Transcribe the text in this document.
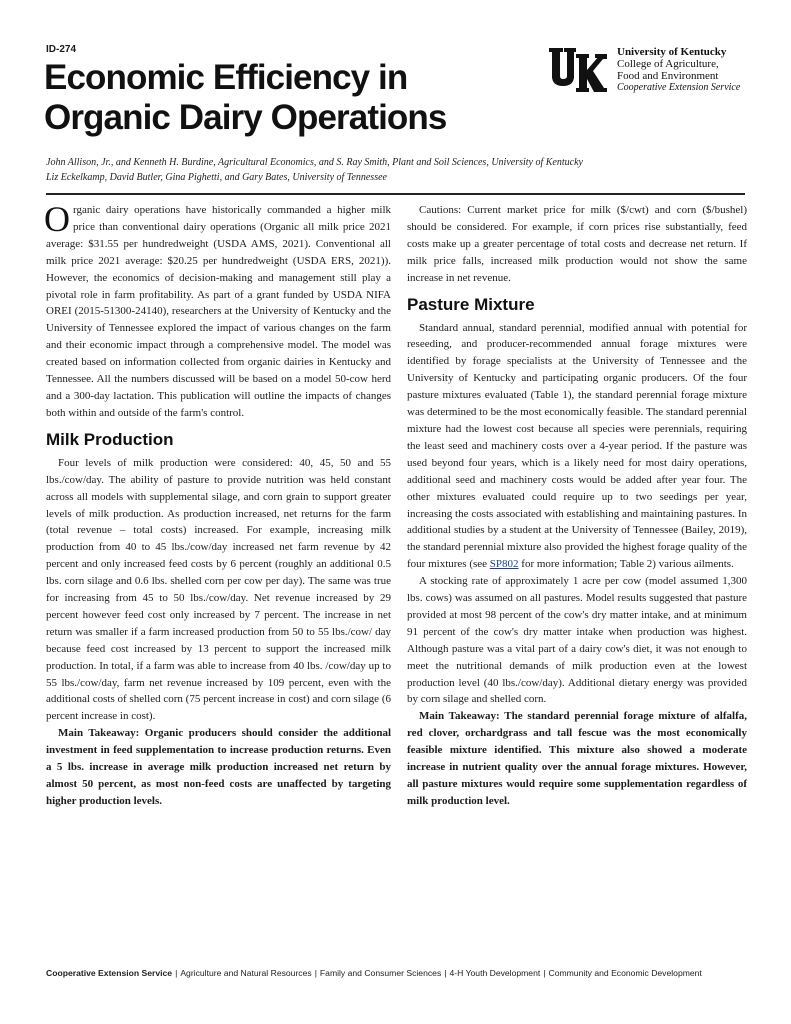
ID-274
Economic Efficiency in
Organic Dairy Operations
University of Kentucky
College of Agriculture,
Food and Environment
Cooperative Extension Service
John Allison, Jr., and Kenneth H. Burdine, Agricultural Economics, and S. Ray Smith, Plant and Soil Sciences, University of Kentucky
Liz Eckelkamp, David Butler, Gina Pighetti, and Gary Bates, University of Tennessee

Organic dairy operations have historically commanded a higher milk price than conventional dairy operations (Organic all milk price 2021 average: $31.55 per hundredweight (USDA AMS, 2021). Conventional all milk price 2021 average: $20.25 per hundredweight (USDA ERS, 2021)). However, the economics of decision-making and management still play a pivotal role in farm profitability. As part of a grant funded by USDA NIFA OREI (2015-51300-24140), researchers at the University of Kentucky and the University of Tennessee explored the impact of various changes on the farm and their economic impact through a comprehensive model. The model was created based on information collected from organic dairies in Kentucky and Tennessee. All the numbers discussed will be based on a model 50-cow herd and a 300-day lactation. This publication will outline the impacts of changes both within and outside of the farm's control.

Milk Production

Four levels of milk production were considered: 40, 45, 50 and 55 lbs./cow/day. The ability of pasture to provide nutrition was held constant across all models with supplemental silage, and corn grain to support greater levels of milk production. As production increased, net returns for the farm (total revenue – total costs) increased. For example, increasing milk production from 40 to 45 lbs./cow/day increased net farm revenue by 42 percent and only increased feed costs by 6 percent (roughly an additional 0.5 lbs. corn silage and 0.6 lbs. shelled corn per cow per day). The same was true for increasing from 45 to 50 lbs./cow/day. Net revenue increased by 29 percent however feed cost only increased by 7 percent. The increase in net return was smaller if a farm increased production from 50 to 55 lbs./cow/ day because feed cost increased by 13 percent to support the increased milk production. In total, if a farm was able to increase from 40 lbs. /cow/day up to 55 lbs./cow/day, farm net revenue increased by 109 percent, even with the additional costs of shelled corn (75 percent increase in cost) and corn silage (6 percent increase in cost).

Main Takeaway: Organic producers should consider the additional investment in feed supplementation to increase production returns. Even a 5 lbs. increase in average milk production increased net return by almost 50 percent, as most non-feed costs are unaffected by targeting higher production levels.

Cautions: Current market price for milk ($/cwt) and corn ($/bushel) should be considered. For example, if corn prices rise substantially, feed costs make up a greater percentage of total costs and decrease net return. If milk price falls, increased milk production would not show the same increase in net revenue.

Pasture Mixture

Standard annual, standard perennial, modified annual with potential for reseeding, and producer-recommended annual forage mixtures were identified by forage specialists at the University of Tennessee and the University of Kentucky and participating organic producers. Of the four pasture mixtures evaluated (Table 1), the standard perennial forage mixture was determined to be the most economically feasible. The standard perennial mixture had the lowest cost because all species were perennials, requiring the least seed and machinery costs over a 4-year period. If the pasture was used beyond four years, which is a likely need for most dairy operations, additional seed and machinery costs would be added after year four. The other mixtures evaluated could require up to two seedings per year, increasing the costs associated with establishing and maintaining pastures. In additional studies by a student at the University of Tennessee (Bailey, 2019), the standard perennial mixture also provided the highest forage quality of the four mixtures (see SP802 for more information; Table 2) various ailments.

A stocking rate of approximately 1 acre per cow (model assumed 1,300 lbs. cows) was assumed on all pastures. Model results suggested that pasture provided at most 98 percent of the cow's dry matter intake, and at minimum 91 percent of the cow's dry matter intake when production was highest. Although pasture was a vital part of a dairy cow's diet, it was not enough to meet the nutritional demands of milk production even at the lowest production level (40 lbs./cow/day). Additional dietary energy was provided by corn silage and shelled corn.

Main Takeaway: The standard perennial forage mixture of alfalfa, red clover, orchardgrass and tall fescue was the most economically feasible mixture identified. This mixture also showed a moderate increase in nutrient quality over the annual forage mixtures. However, all pasture mixtures would require some supplementation regardless of milk production level.

Cooperative Extension Service | Agriculture and Natural Resources | Family and Consumer Sciences | 4-H Youth Development | Community and Economic Development
